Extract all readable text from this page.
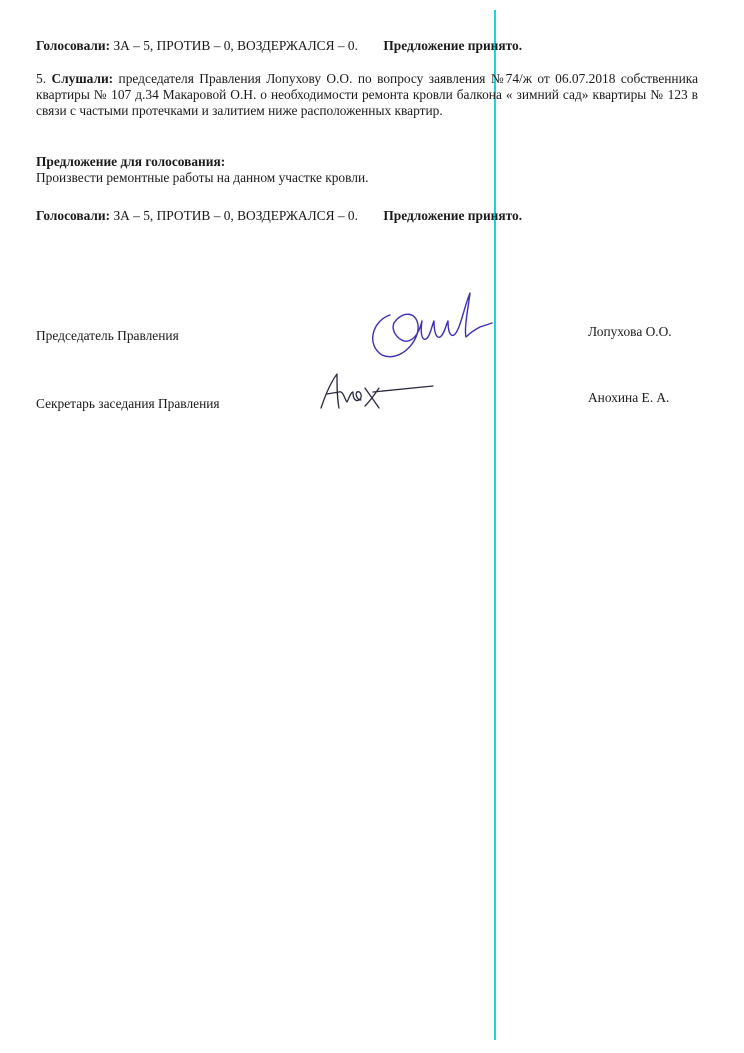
Голосовали: ЗА – 5, ПРОТИВ – 0, ВОЗДЕРЖАЛСЯ – 0. Предложение принято.
5. Слушали: председателя Правления Лопухову О.О. по вопросу заявления №74/ж от 06.07.2018 собственника квартиры № 107 д.34 Макаровой О.Н. о необходимости ремонта кровли балкона « зимний сад» квартиры № 123 в связи с частыми протечками и залитием ниже расположенных квартир.
Предложение для голосования:
Произвести ремонтные работы на данном участке кровли.
Голосовали: ЗА – 5, ПРОТИВ – 0, ВОЗДЕРЖАЛСЯ – 0. Предложение принято.
Председатель Правления	Лопухова О.О.
Секретарь заседания Правления	Анохина Е. А.
